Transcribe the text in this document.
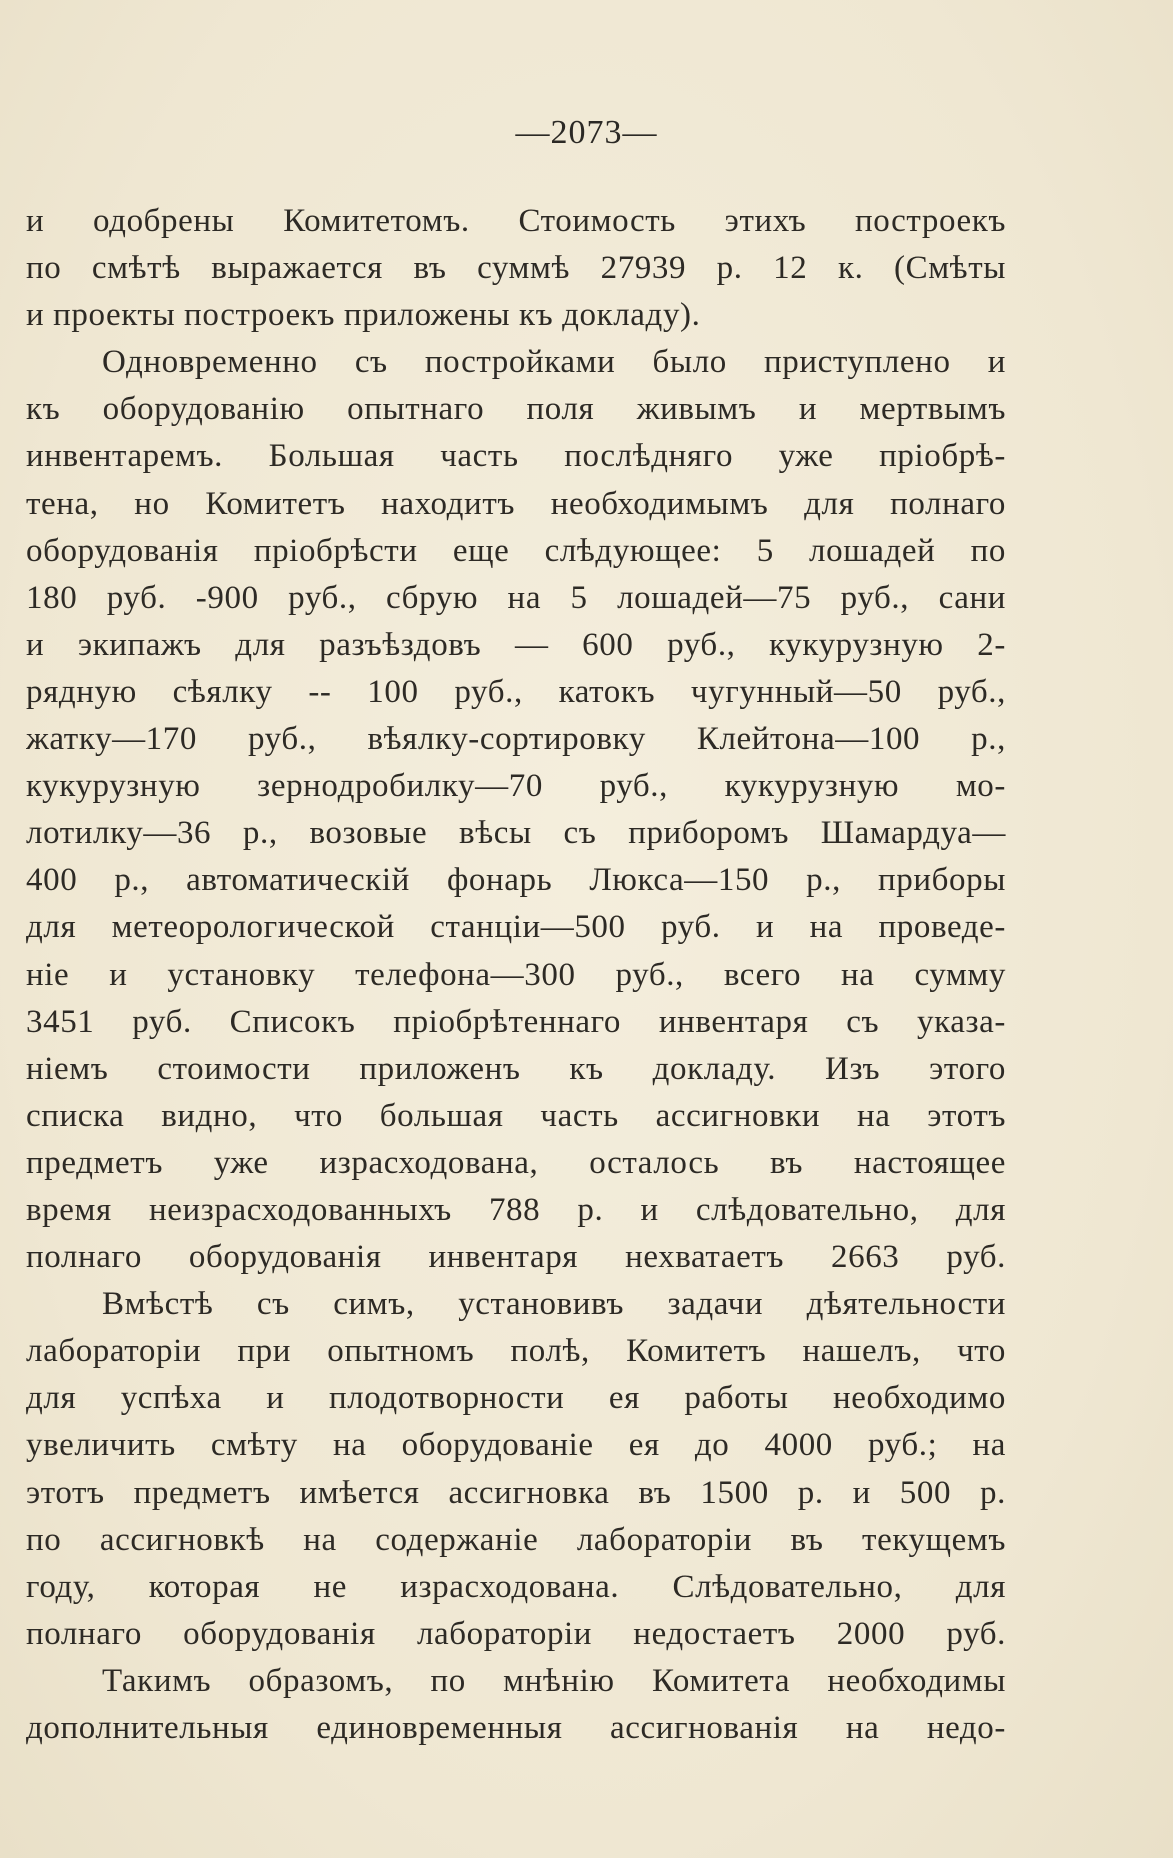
—2073—
и одобрены Комитетомъ. Стоимость этихъ построекъ
по смѣтѣ выражается въ суммѣ 27939 р. 12 к. (Смѣты
и проекты построекъ приложены къ докладу).
Одновременно съ постройками было приступлено и
къ оборудованію опытнаго поля живымъ и мертвымъ
инвентаремъ. Большая часть послѣдняго уже пріобрѣ-
тена, но Комитетъ находитъ необходимымъ для полнаго
оборудованія пріобрѣсти еще слѣдующее: 5 лошадей по
180 руб. -900 руб., сбрую на 5 лошадей—75 руб., сани
и экипажъ для разъѣздовъ — 600 руб., кукурузную 2-
рядную сѣялку -- 100 руб., катокъ чугунный—50 руб.,
жатку—170 руб., вѣялку-сортировку Клейтона—100 р.,
кукурузную зернодробилку—70 руб., кукурузную мо-
лотилку—36 р., возовые вѣсы съ приборомъ Шамардуа—
400 р., автоматическій фонарь Люкса—150 р., приборы
для метеорологической станціи—500 руб. и на проведе-
ніе и установку телефона—300 руб., всего на сумму
3451 руб. Списокъ пріобрѣтеннаго инвентаря съ указа-
ніемъ стоимости приложенъ къ докладу. Изъ этого
списка видно, что большая часть ассигновки на этотъ
предметъ уже израсходована, осталось въ настоящее
время неизрасходованныхъ 788 р. и слѣдовательно, для
полнаго оборудованія инвентаря нехватаетъ 2663 руб.
Вмѣстѣ съ симъ, установивъ задачи дѣятельности
лабораторіи при опытномъ полѣ, Комитетъ нашелъ, что
для успѣха и плодотворности ея работы необходимо
увеличить смѣту на оборудованіе ея до 4000 руб.; на
этотъ предметъ имѣется ассигновка въ 1500 р. и 500 р.
по ассигновкѣ на содержаніе лабораторіи въ текущемъ
году, которая не израсходована. Слѣдовательно, для
полнаго оборудованія лабораторіи недостаетъ 2000 руб.
Такимъ образомъ, по мнѣнію Комитета необходимы
дополнительныя единовременныя ассигнованія на недо-
